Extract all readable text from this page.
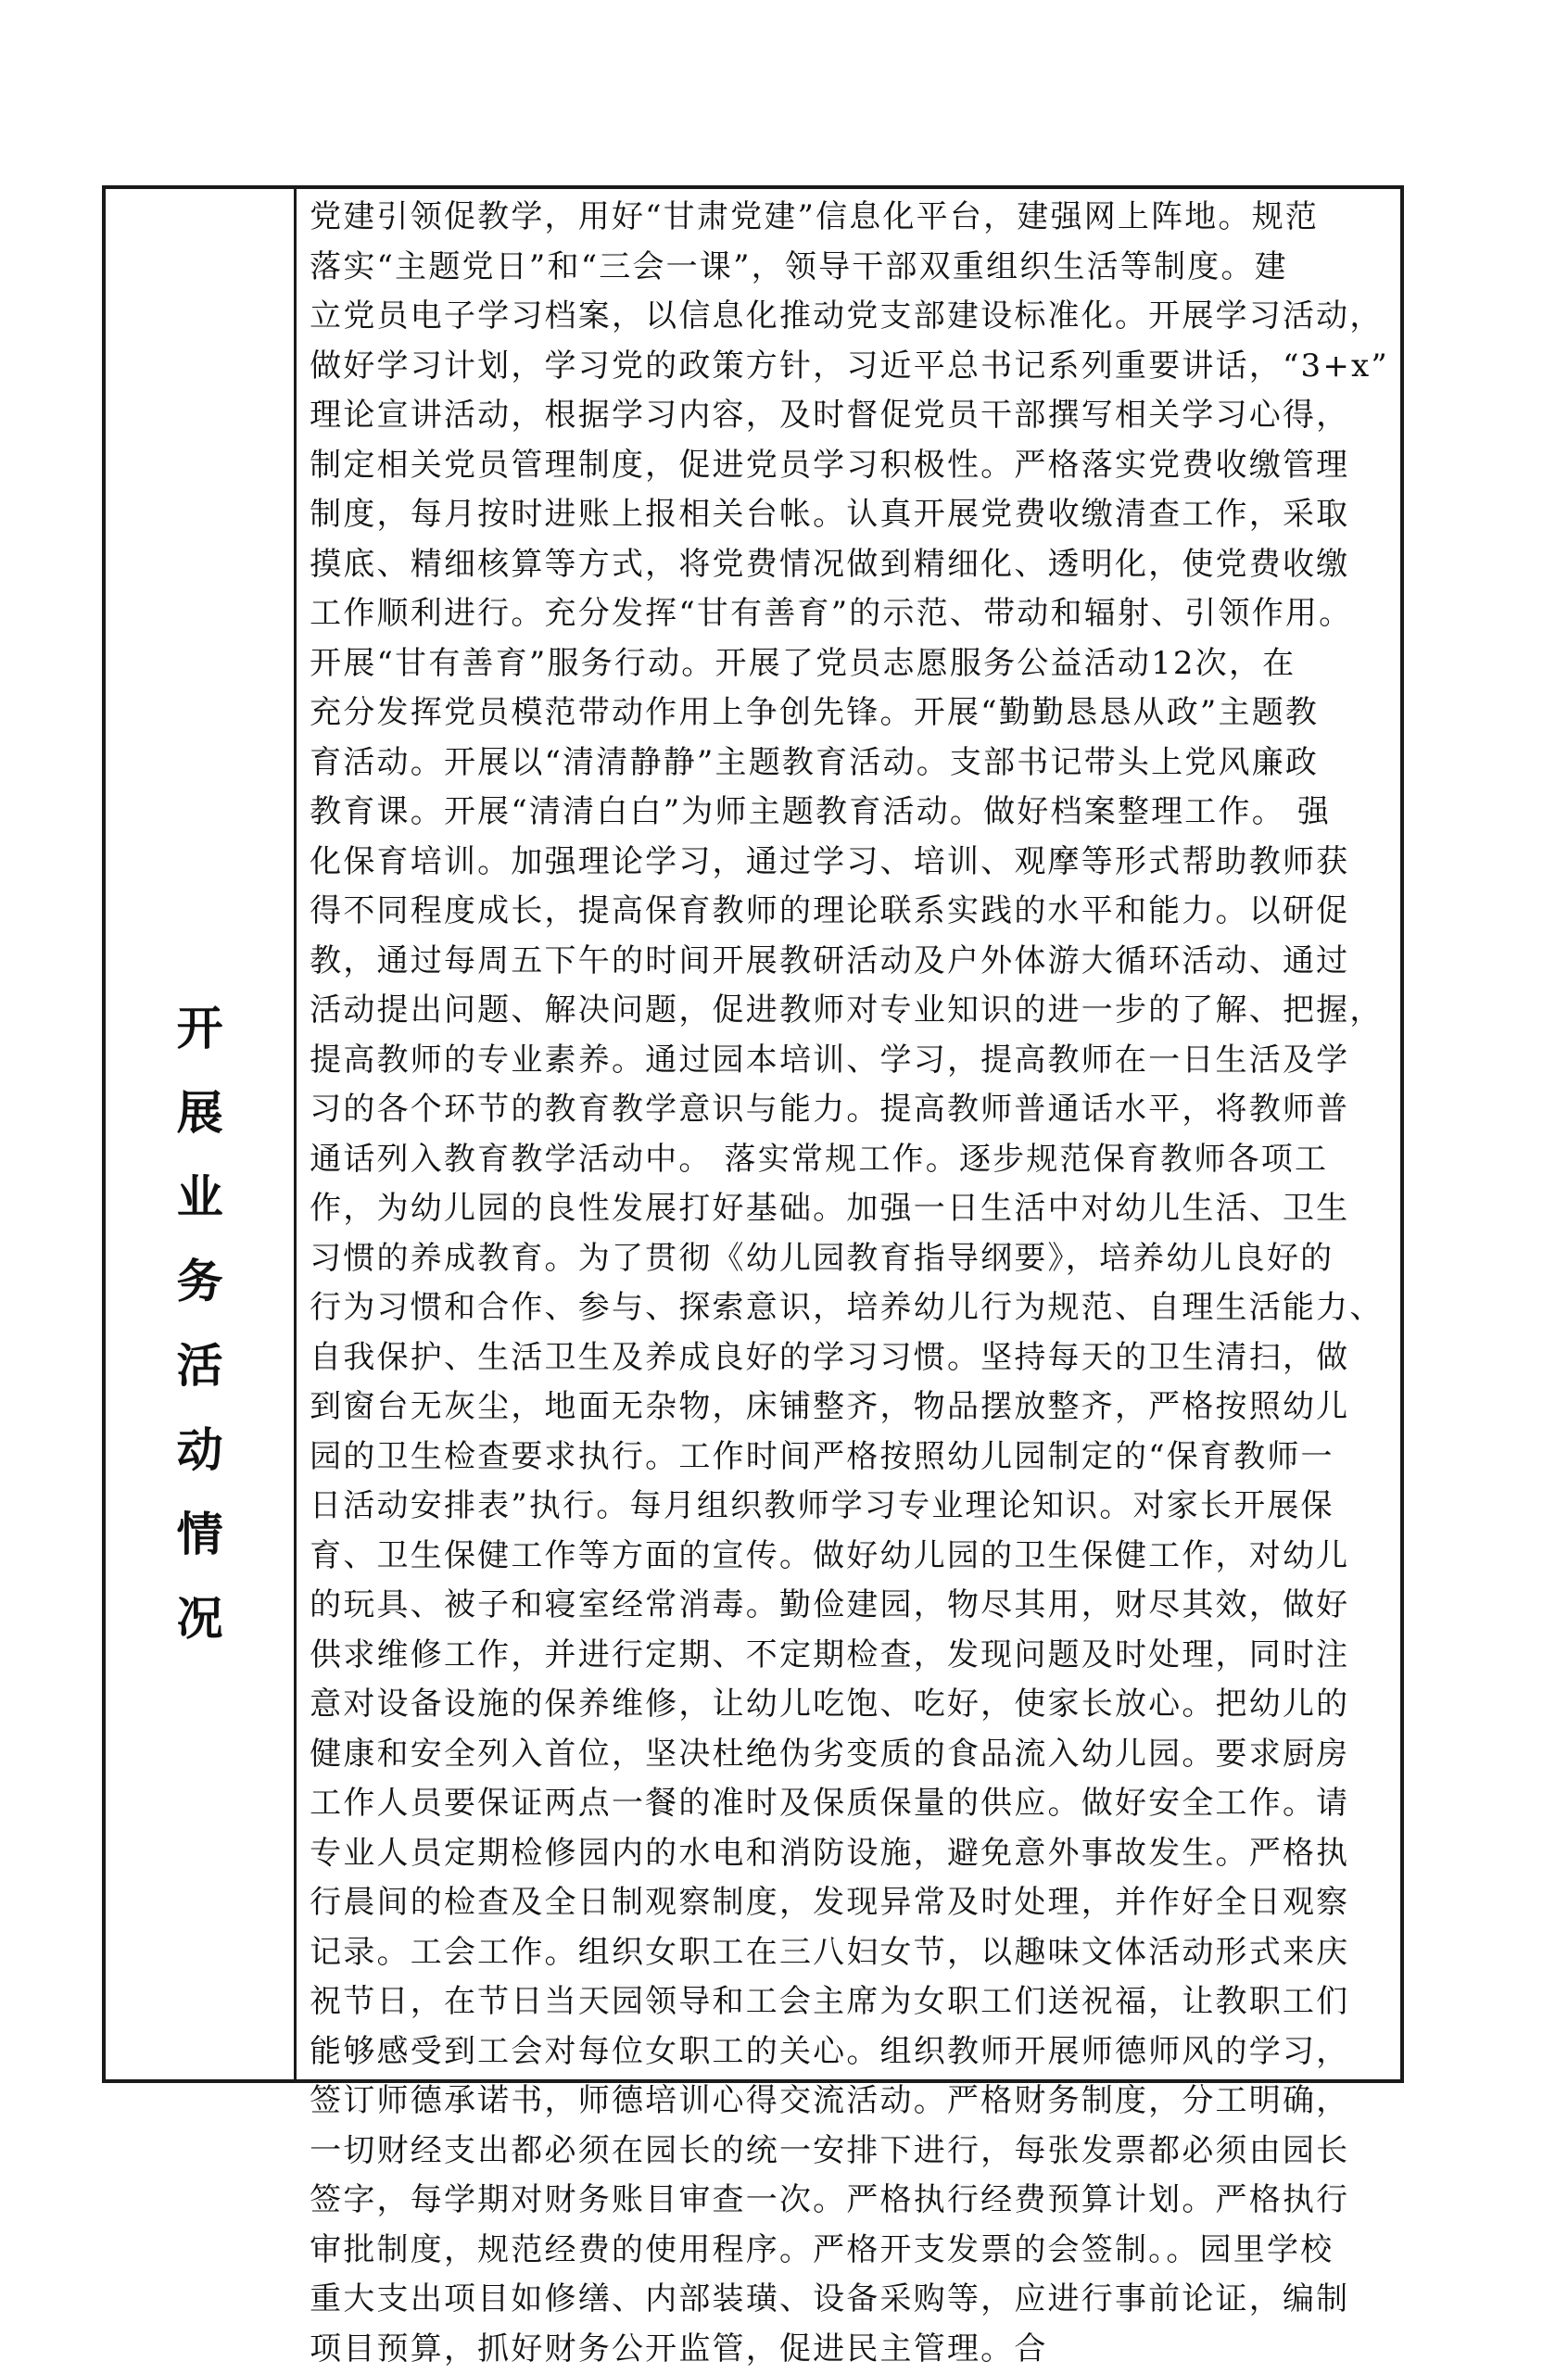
开
展
业
务
活
动
情
况
党建引领促教学，用好“甘肃党建”信息化平台，建强网上阵地。规范
落实“主题党日”和“三会一课”，领导干部双重组织生活等制度。建
立党员电子学习档案，以信息化推动党支部建设标准化。开展学习活动，
做好学习计划，学习党的政策方针，习近平总书记系列重要讲话，“3+x”
理论宣讲活动，根据学习内容，及时督促党员干部撰写相关学习心得，
制定相关党员管理制度，促进党员学习积极性。严格落实党费收缴管理
制度，每月按时进账上报相关台帐。认真开展党费收缴清查工作，采取
摸底、精细核算等方式，将党费情况做到精细化、透明化，使党费收缴
工作顺利进行。充分发挥“甘有善育”的示范、带动和辐射、引领作用。
开展“甘有善育”服务行动。开展了党员志愿服务公益活动12次，在
充分发挥党员模范带动作用上争创先锋。开展“勤勤恳恳从政”主题教
育活动。开展以“清清静静”主题教育活动。支部书记带头上党风廉政
教育课。开展“清清白白”为师主题教育活动。做好档案整理工作。 强
化保育培训。加强理论学习，通过学习、培训、观摩等形式帮助教师获
得不同程度成长，提高保育教师的理论联系实践的水平和能力。以研促
教，通过每周五下午的时间开展教研活动及户外体游大循环活动、通过
活动提出问题、解决问题，促进教师对专业知识的进一步的了解、把握，
提高教师的专业素养。通过园本培训、学习，提高教师在一日生活及学
习的各个环节的教育教学意识与能力。提高教师普通话水平，将教师普
通话列入教育教学活动中。 落实常规工作。逐步规范保育教师各项工
作，为幼儿园的良性发展打好基础。加强一日生活中对幼儿生活、卫生
习惯的养成教育。为了贯彻《幼儿园教育指导纲要》，培养幼儿良好的
行为习惯和合作、参与、探索意识，培养幼儿行为规范、自理生活能力、
自我保护、生活卫生及养成良好的学习习惯。坚持每天的卫生清扫，做
到窗台无灰尘，地面无杂物，床铺整齐，物品摆放整齐，严格按照幼儿
园的卫生检查要求执行。工作时间严格按照幼儿园制定的“保育教师一
日活动安排表”执行。每月组织教师学习专业理论知识。对家长开展保
育、卫生保健工作等方面的宣传。做好幼儿园的卫生保健工作，对幼儿
的玩具、被子和寝室经常消毒。勤俭建园，物尽其用，财尽其效，做好
供求维修工作，并进行定期、不定期检查，发现问题及时处理，同时注
意对设备设施的保养维修，让幼儿吃饱、吃好，使家长放心。把幼儿的
健康和安全列入首位，坚决杜绝伪劣变质的食品流入幼儿园。要求厨房
工作人员要保证两点一餐的准时及保质保量的供应。做好安全工作。请
专业人员定期检修园内的水电和消防设施，避免意外事故发生。严格执
行晨间的检查及全日制观察制度，发现异常及时处理，并作好全日观察
记录。工会工作。组织女职工在三八妇女节，以趣味文体活动形式来庆
祝节日，在节日当天园领导和工会主席为女职工们送祝福，让教职工们
能够感受到工会对每位女职工的关心。组织教师开展师德师风的学习，
签订师德承诺书，师德培训心得交流活动。严格财务制度，分工明确，
一切财经支出都必须在园长的统一安排下进行，每张发票都必须由园长
签字，每学期对财务账目审查一次。严格执行经费预算计划。严格执行
审批制度，规范经费的使用程序。严格开支发票的会签制。。园里学校
重大支出项目如修缮、内部装璜、设备采购等，应进行事前论证，编制
项目预算，抓好财务公开监管，促进民主管理。合
